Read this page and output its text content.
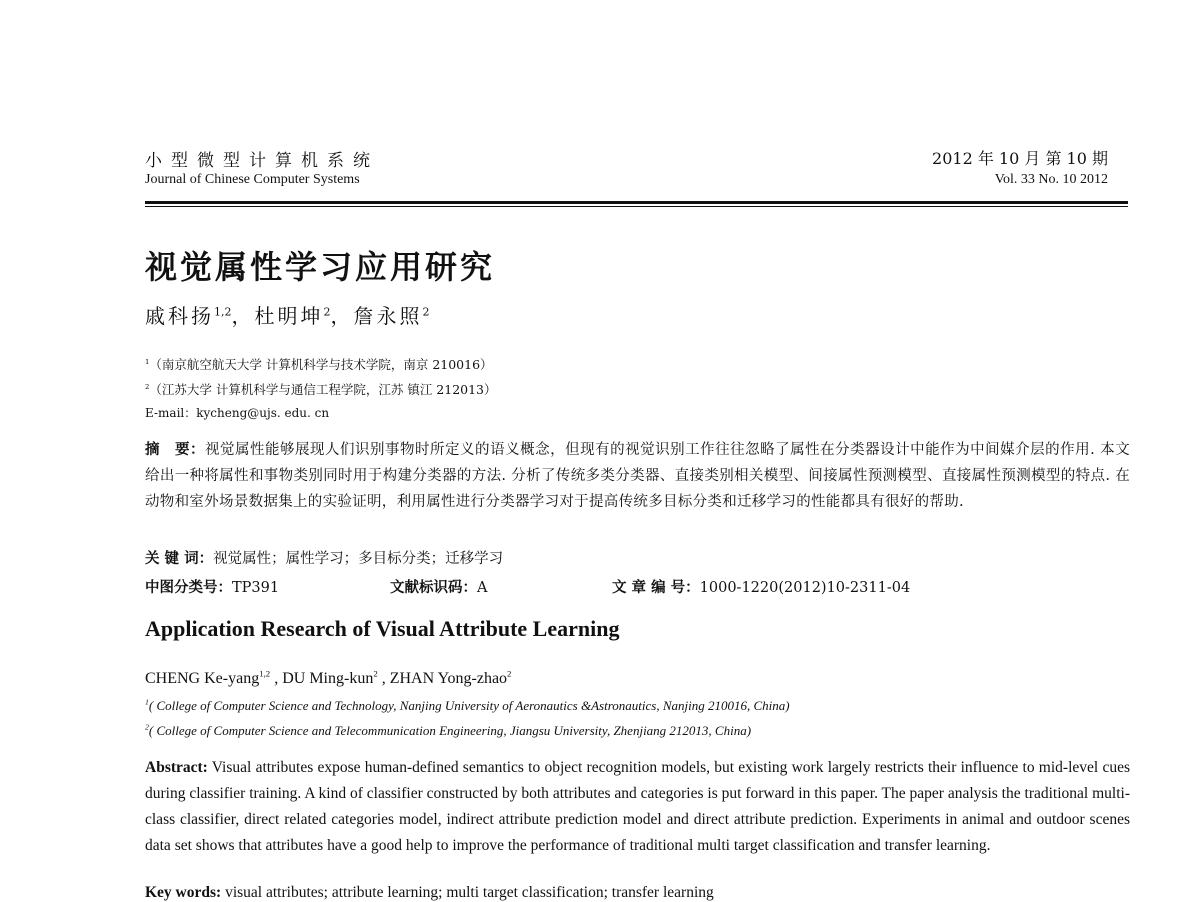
小型微型计算机系统
Journal of Chinese Computer Systems
2012 年 10 月 第 10 期
Vol. 33 No. 10 2012
视觉属性学习应用研究
戚科扬$^{1,2}$，杜明坤$^2$，詹永照$^2$
$^1$（南京航空航天大学 计算机科学与技术学院，南京 210016）
$^2$（江苏大学 计算机科学与通信工程学院，江苏 镇江 212013）
E-mail：kycheng@ujs. edu. cn
摘　要：视觉属性能够展现人们识别事物时所定义的语义概念，但现有的视觉识别工作往往忽略了属性在分类器设计中能作为中间媒介层的作用. 本文给出一种将属性和事物类别同时用于构建分类器的方法. 分析了传统多类分类器、直接类别相关模型、间接属性预测模型、直接属性预测模型的特点. 在动物和室外场景数据集上的实验证明，利用属性进行分类器学习对于提高传统多目标分类和迁移学习的性能都具有很好的帮助.
关 键 词：视觉属性；属性学习；多目标分类；迁移学习
中图分类号：TP391	文献标识码：A	文 章 编 号：1000-1220(2012)10-2311-04
Application Research of Visual Attribute Learning
CHENG Ke-yang$^{1,2}$ , DU Ming-kun$^2$ , ZHAN Yong-zhao$^2$
$^1$( College of Computer Science and Technology, Nanjing University of Aeronautics &Astronautics, Nanjing 210016, China)
$^2$( College of Computer Science and Telecommunication Engineering, Jiangsu University, Zhenjiang 212013, China)
Abstract: Visual attributes expose human-defined semantics to object recognition models, but existing work largely restricts their influence to mid-level cues during classifier training. A kind of classifier constructed by both attributes and categories is put forward in this paper. The paper analysis the traditional multi-class classifier, direct related categories model, indirect attribute prediction model and direct attribute prediction. Experiments in animal and outdoor scenes data set shows that attributes have a good help to improve the performance of traditional multi target classification and transfer learning.
Key words: visual attributes; attribute learning; multi target classification; transfer learning
